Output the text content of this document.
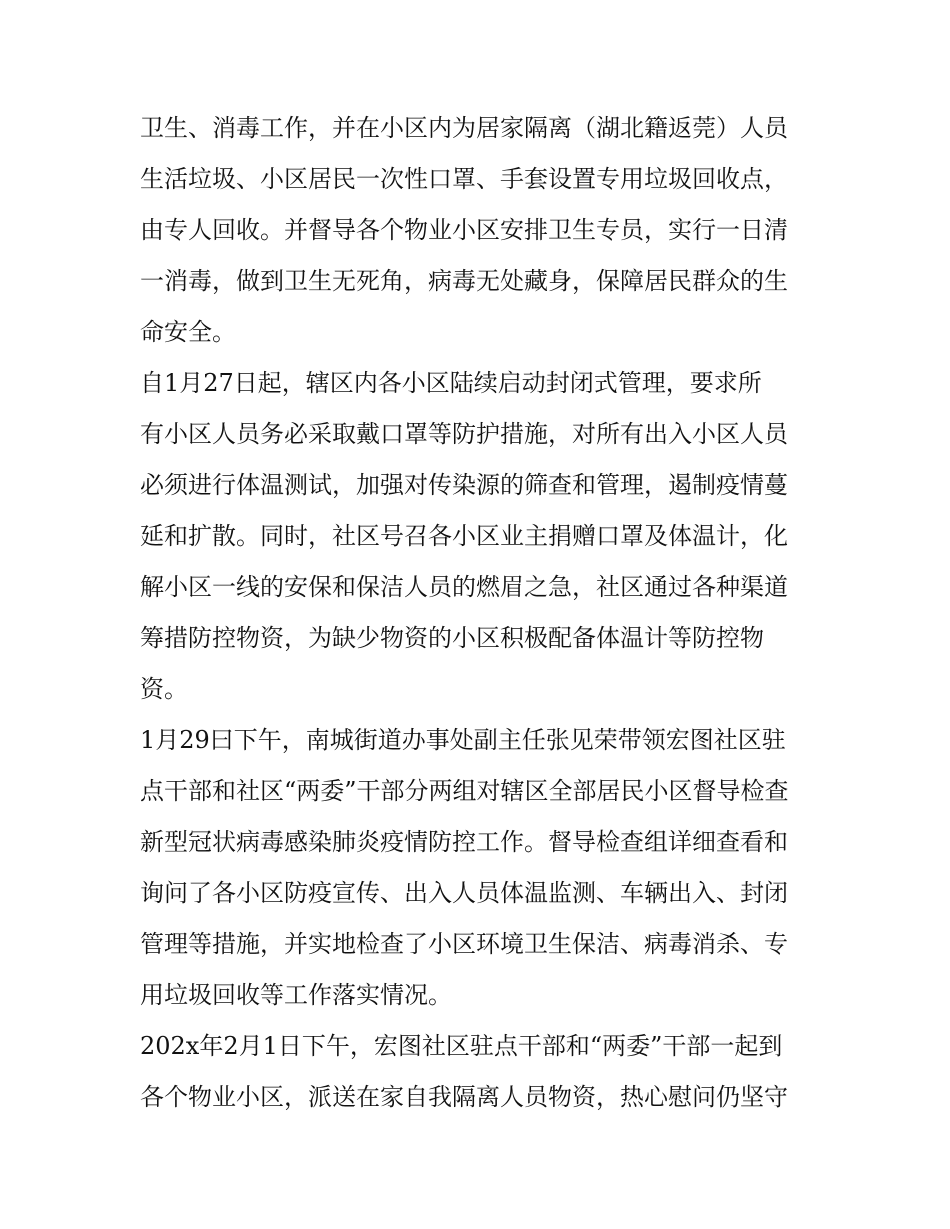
卫生、消毒工作，并在小区内为居家隔离（湖北籍返莞）人员
生活垃圾、小区居民一次性口罩、手套设置专用垃圾回收点，
由专人回收。并督导各个物业小区安排卫生专员，实行一日清
一消毒，做到卫生无死角，病毒无处藏身，保障居民群众的生
命安全。
自1月27日起，辖区内各小区陆续启动封闭式管理，要求所
有小区人员务必采取戴口罩等防护措施，对所有出入小区人员
必须进行体温测试，加强对传染源的筛查和管理，遏制疫情蔓
延和扩散。同时，社区号召各小区业主捐赠口罩及体温计，化
解小区一线的安保和保洁人员的燃眉之急，社区通过各种渠道
筹措防控物资，为缺少物资的小区积极配备体温计等防控物
资。
1月29曰下午，南城街道办事处副主任张见荣带领宏图社区驻
点干部和社区“两委”干部分两组对辖区全部居民小区督导检查
新型冠状病毒感染肺炎疫情防控工作。督导检查组详细查看和
询问了各小区防疫宣传、出入人员体温监测、车辆出入、封闭
管理等措施，并实地检查了小区环境卫生保洁、病毒消杀、专
用垃圾回收等工作落实情况。
202x年2月1日下午，宏图社区驻点干部和“两委”干部一起到
各个物业小区，派送在家自我隔离人员物资，热心慰问仍坚守
